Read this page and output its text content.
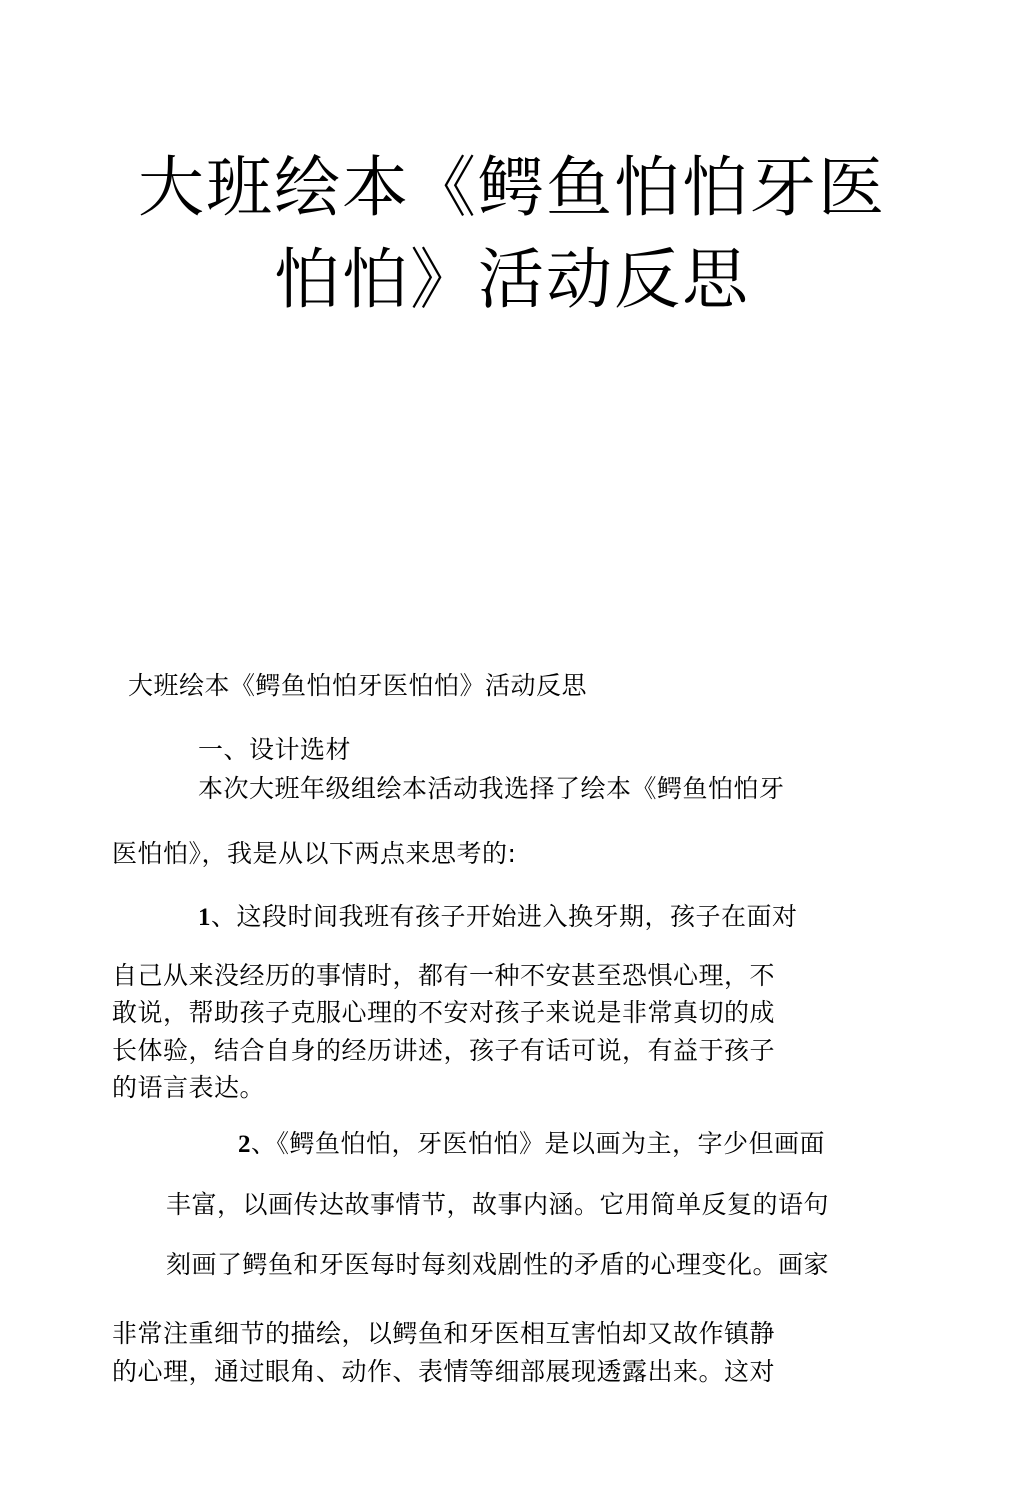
大班绘本《鳄鱼怕怕牙医
怕怕》活动反思
大班绘本《鳄鱼怕怕牙医怕怕》活动反思
一、设计选材
本次大班年级组绘本活动我选择了绘本《鳄鱼怕怕牙
医怕怕》，我是从以下两点来思考的:
1、这段时间我班有孩子开始进入换牙期，孩子在面对
自己从来没经历的事情时，都有一种不安甚至恐惧心理，不
敢说，帮助孩子克服心理的不安对孩子来说是非常真切的成
长体验，结合自身的经历讲述，孩子有话可说，有益于孩子
的语言表达。
2、《鳄鱼怕怕，牙医怕怕》是以画为主，字少但画面
丰富，以画传达故事情节，故事内涵。它用简单反复的语句
刻画了鳄鱼和牙医每时每刻戏剧性的矛盾的心理变化。画家
非常注重细节的描绘，以鳄鱼和牙医相互害怕却又故作镇静
的心理，通过眼角、动作、表情等细部展现透露出来。这对
